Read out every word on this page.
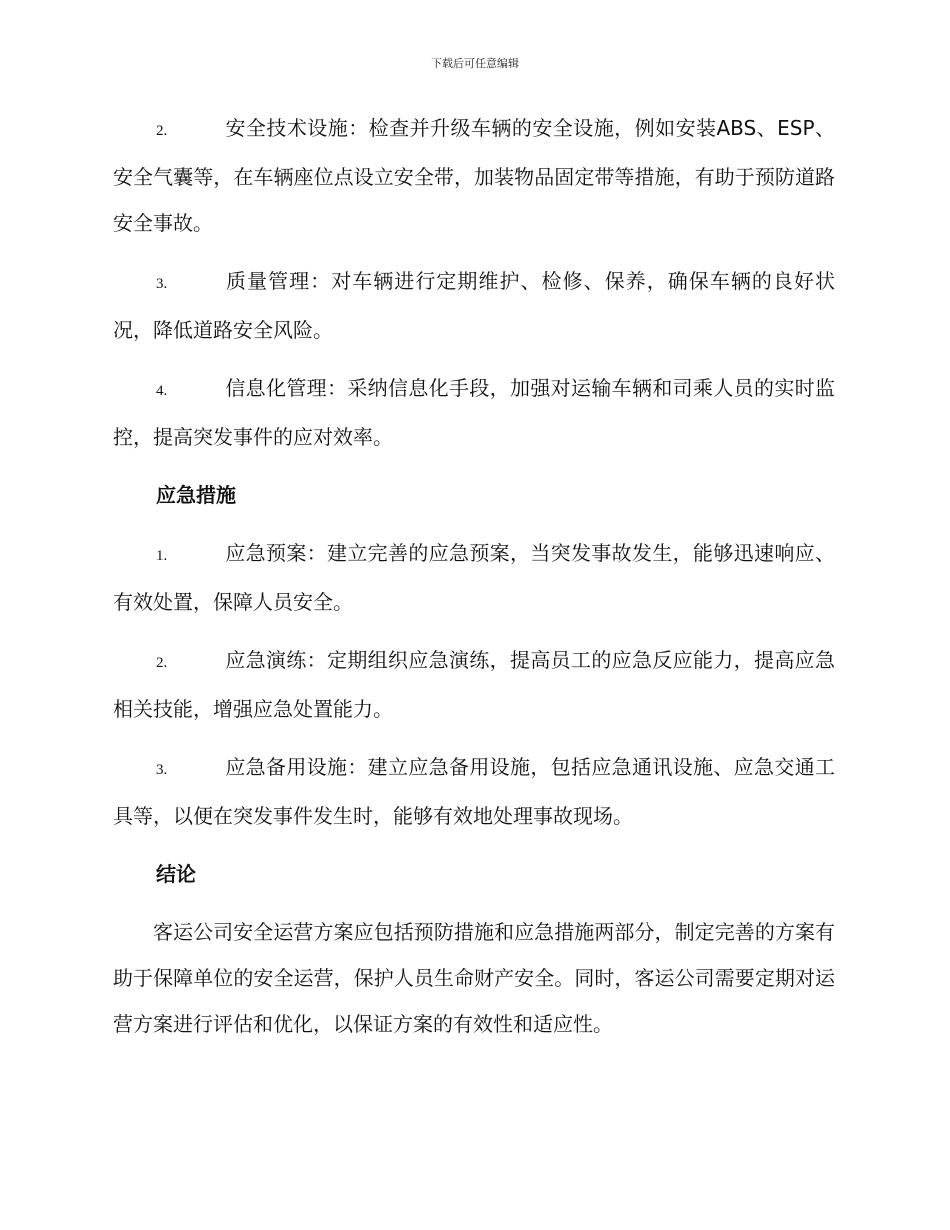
下载后可任意编辑

2.	安全技术设施：检查并升级车辆的安全设施，例如安装ABS、ESP、安全气囊等，在车辆座位点设立安全带，加装物品固定带等措施，有助于预防道路安全事故。

3.	质量管理：对车辆进行定期维护、检修、保养，确保车辆的良好状况，降低道路安全风险。

4.	信息化管理：采纳信息化手段，加强对运输车辆和司乘人员的实时监控，提高突发事件的应对效率。

应急措施

1.	应急预案：建立完善的应急预案，当突发事故发生，能够迅速响应、有效处置，保障人员安全。

2.	应急演练：定期组织应急演练，提高员工的应急反应能力，提高应急相关技能，增强应急处置能力。

3.	应急备用设施：建立应急备用设施，包括应急通讯设施、应急交通工具等，以便在突发事件发生时，能够有效地处理事故现场。

结论

客运公司安全运营方案应包括预防措施和应急措施两部分，制定完善的方案有助于保障单位的安全运营，保护人员生命财产安全。同时，客运公司需要定期对运营方案进行评估和优化，以保证方案的有效性和适应性。
